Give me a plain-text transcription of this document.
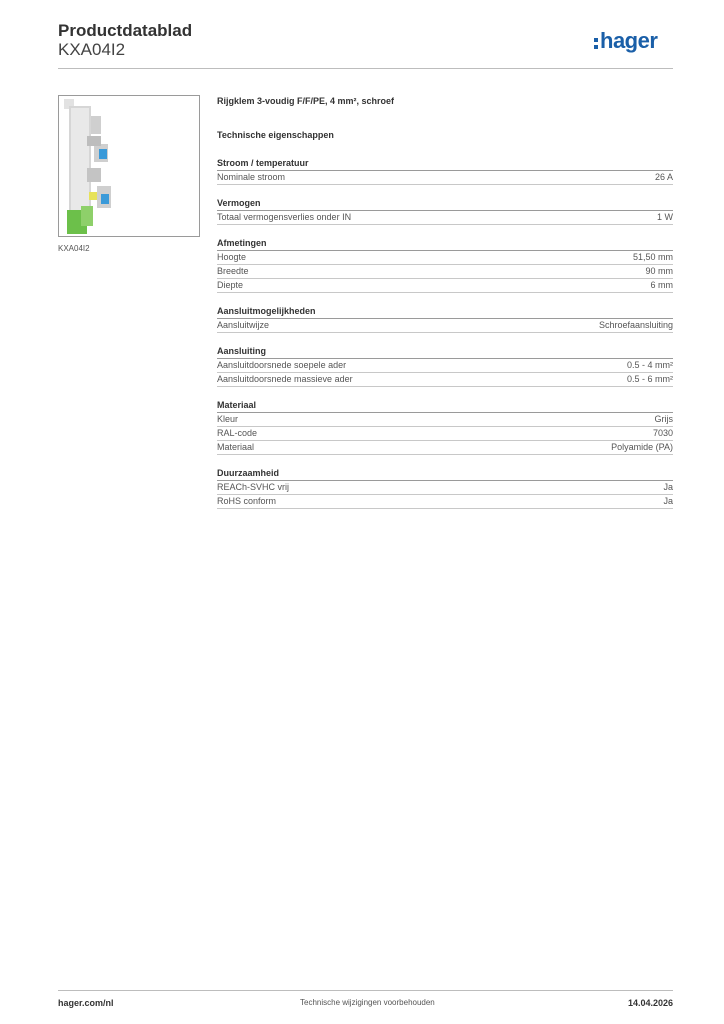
Productdatablad
KXA04I2	hager
KXA04I2
Rijgklem 3-voudig F/F/PE, 4 mm², schroef
Technische eigenschappen
Stroom / temperatuur
Nominale stroom	26 A
Vermogen
Totaal vermogensverlies onder IN	1 W
Afmetingen
Hoogte	51,50 mm
Breedte	90 mm
Diepte	6 mm
Aansluitmogelijkheden
Aansluitwijze	Schroefaansluiting
Aansluiting
Aansluitdoorsnede soepele ader	0.5 - 4 mm²
Aansluitdoorsnede massieve ader	0.5 - 6 mm²
Materiaal
Kleur	Grijs
RAL-code	7030
Materiaal	Polyamide (PA)
Duurzaamheid
REACh-SVHC vrij	Ja
RoHS conform	Ja
hager.com/nl	Technische wijzigingen voorbehouden	14.04.2026
